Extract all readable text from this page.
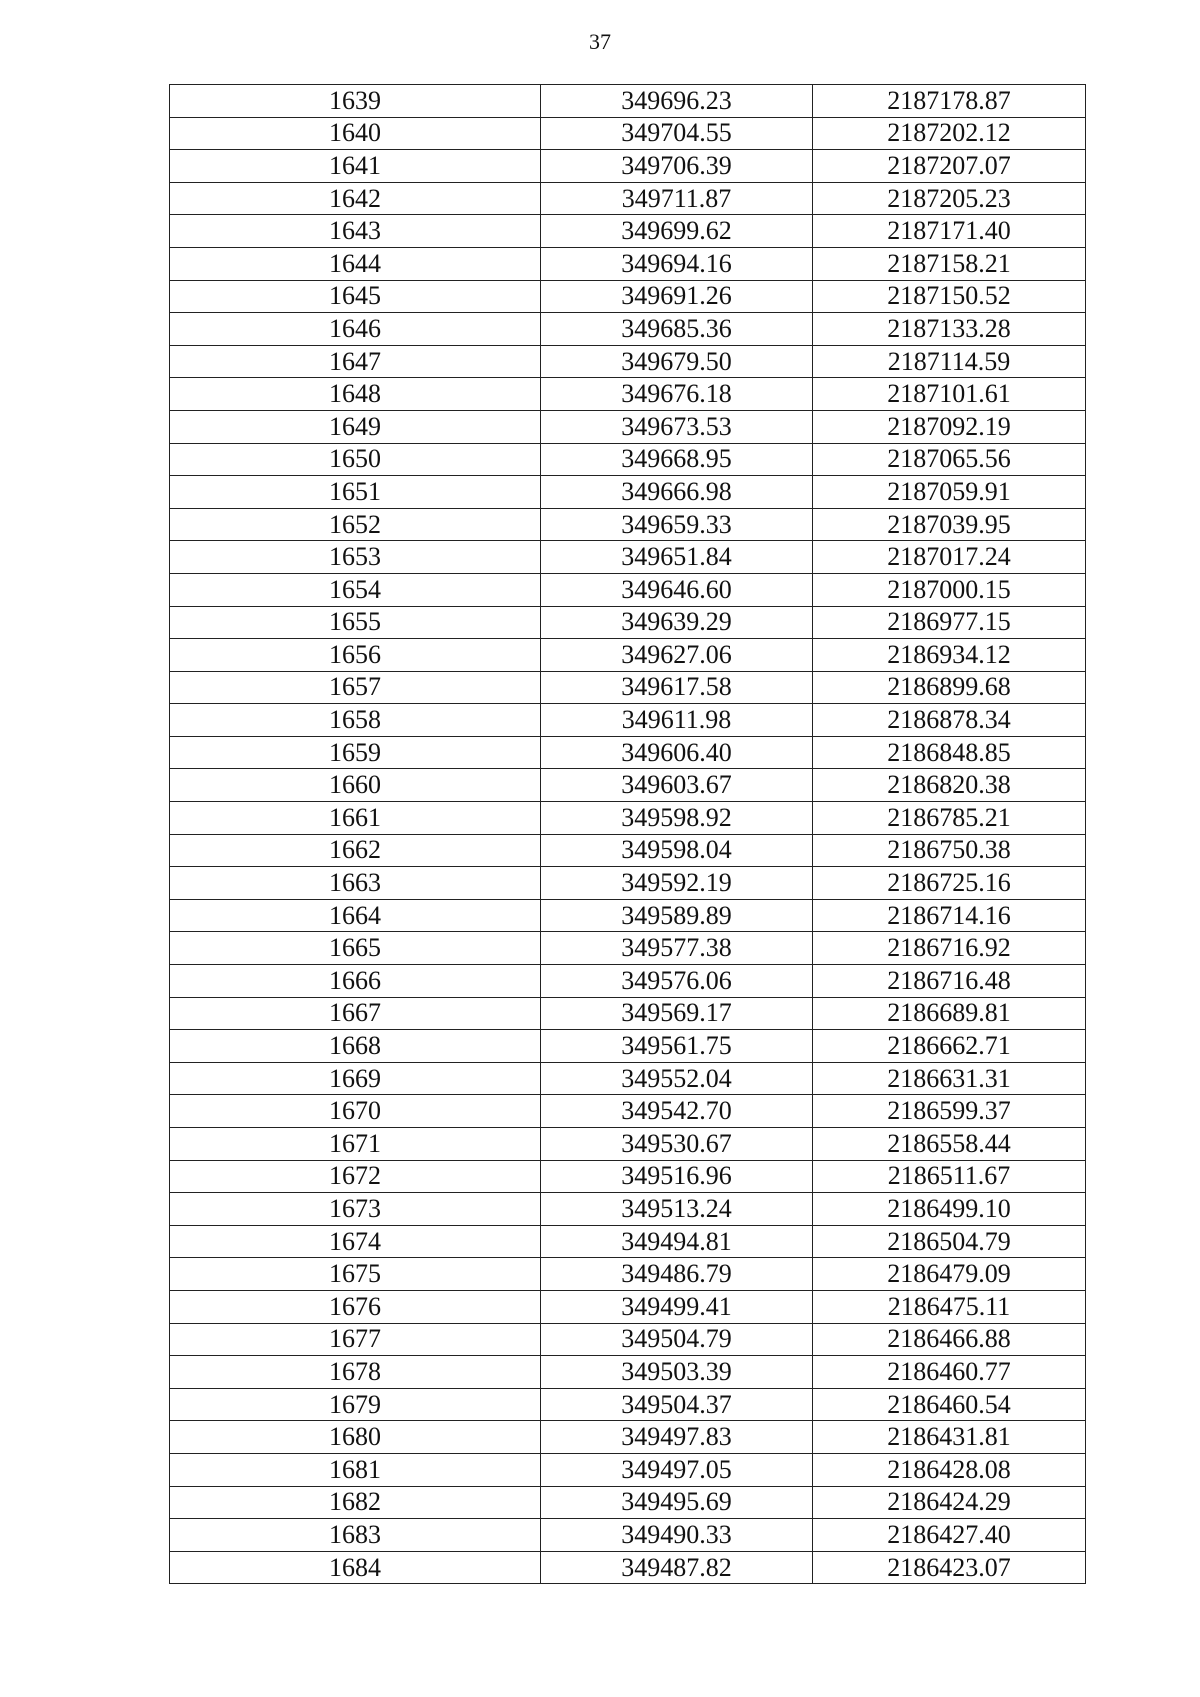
37
1639	349696.23	2187178.87
1640	349704.55	2187202.12
1641	349706.39	2187207.07
1642	349711.87	2187205.23
1643	349699.62	2187171.40
1644	349694.16	2187158.21
1645	349691.26	2187150.52
1646	349685.36	2187133.28
1647	349679.50	2187114.59
1648	349676.18	2187101.61
1649	349673.53	2187092.19
1650	349668.95	2187065.56
1651	349666.98	2187059.91
1652	349659.33	2187039.95
1653	349651.84	2187017.24
1654	349646.60	2187000.15
1655	349639.29	2186977.15
1656	349627.06	2186934.12
1657	349617.58	2186899.68
1658	349611.98	2186878.34
1659	349606.40	2186848.85
1660	349603.67	2186820.38
1661	349598.92	2186785.21
1662	349598.04	2186750.38
1663	349592.19	2186725.16
1664	349589.89	2186714.16
1665	349577.38	2186716.92
1666	349576.06	2186716.48
1667	349569.17	2186689.81
1668	349561.75	2186662.71
1669	349552.04	2186631.31
1670	349542.70	2186599.37
1671	349530.67	2186558.44
1672	349516.96	2186511.67
1673	349513.24	2186499.10
1674	349494.81	2186504.79
1675	349486.79	2186479.09
1676	349499.41	2186475.11
1677	349504.79	2186466.88
1678	349503.39	2186460.77
1679	349504.37	2186460.54
1680	349497.83	2186431.81
1681	349497.05	2186428.08
1682	349495.69	2186424.29
1683	349490.33	2186427.40
1684	349487.82	2186423.07
